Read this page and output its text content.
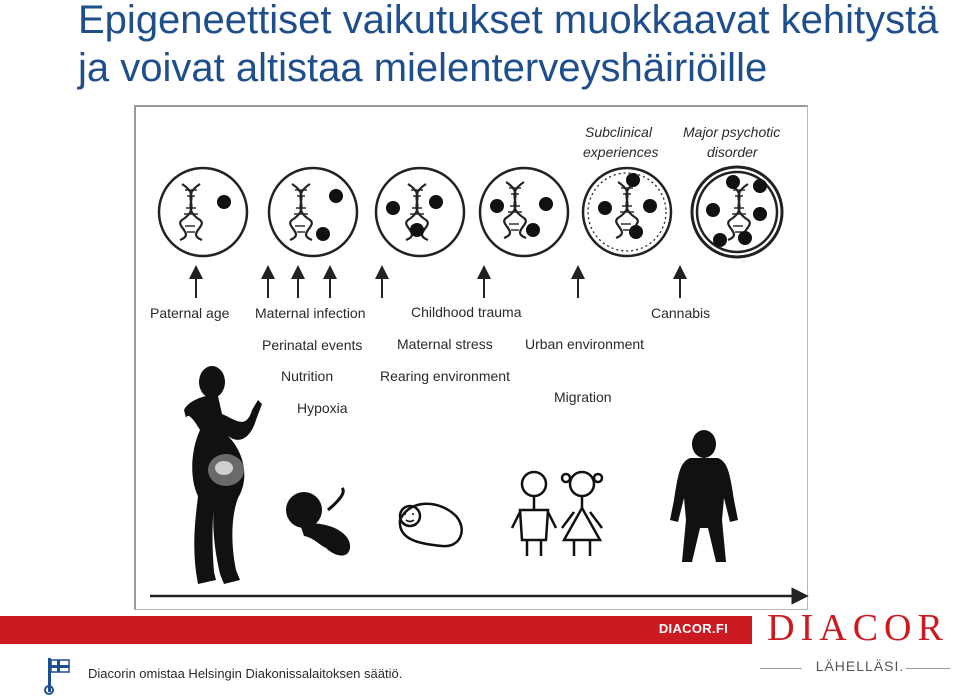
Epigeneettiset vaikutukset muokkaavat kehitystä ja voivat altistaa mielenterveyshäiriöille
Subclinical
experiences
Major psychotic
disorder
Paternal age Maternal infection	Childhood trauma	Cannabis
Perinatal events Maternal stress Urban environment
Nutrition	Rearing environment
Hypoxia
Migration
DIACOR.FI DIACOR
LÄHELLÄSI.
Diacorin omistaa Helsingin Diakonissalaitoksen säätiö.
